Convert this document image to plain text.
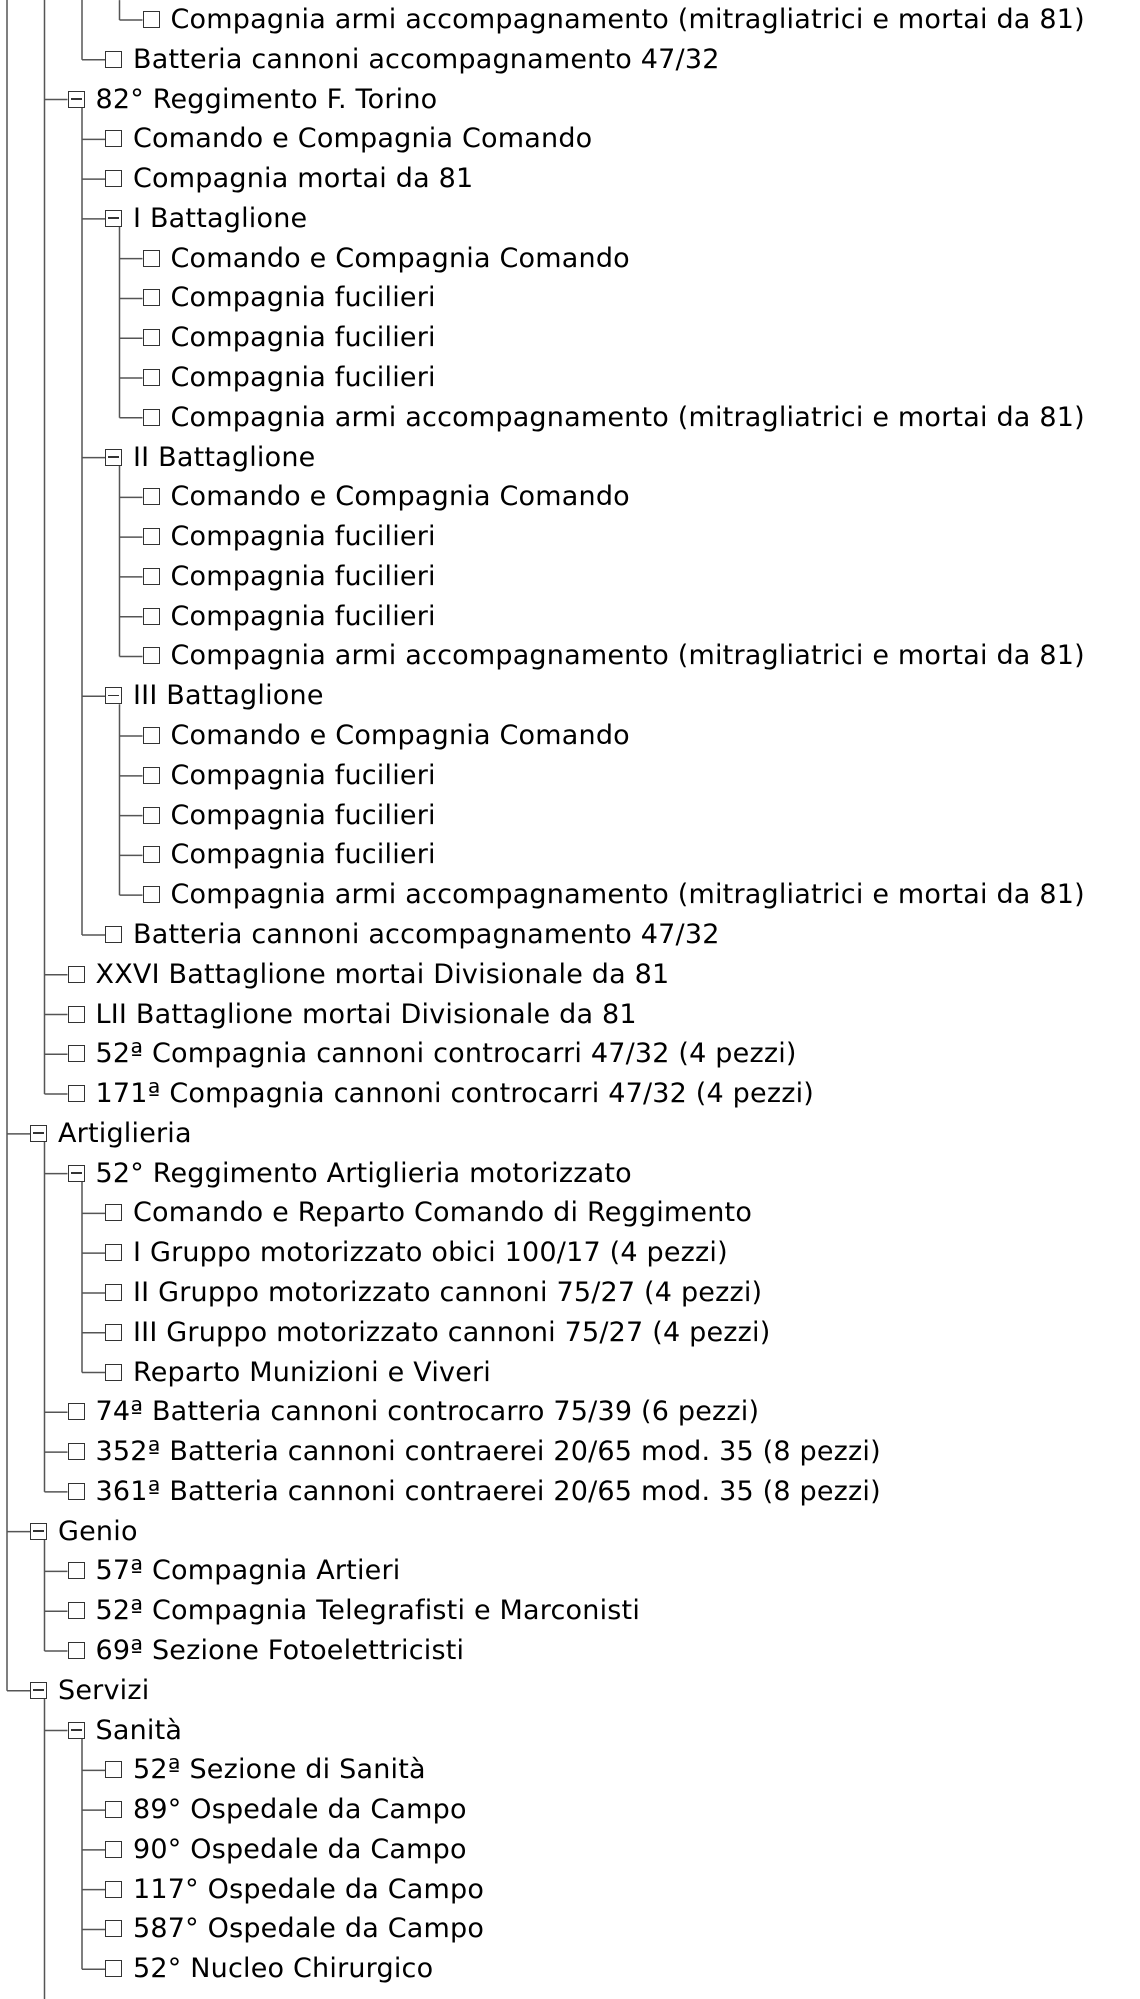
Compagnia armi accompagnamento (mitragliatrici e mortai da 81)
Batteria cannoni accompagnamento 47/32
82° Reggimento F. Torino
Comando e Compagnia Comando
Compagnia mortai da 81
I Battaglione
Comando e Compagnia Comando
Compagnia fucilieri
Compagnia fucilieri
Compagnia fucilieri
Compagnia armi accompagnamento (mitragliatrici e mortai da 81)
II Battaglione
Comando e Compagnia Comando
Compagnia fucilieri
Compagnia fucilieri
Compagnia fucilieri
Compagnia armi accompagnamento (mitragliatrici e mortai da 81)
III Battaglione
Comando e Compagnia Comando
Compagnia fucilieri
Compagnia fucilieri
Compagnia fucilieri
Compagnia armi accompagnamento (mitragliatrici e mortai da 81)
Batteria cannoni accompagnamento 47/32
XXVI Battaglione mortai Divisionale da 81
LII Battaglione mortai Divisionale da 81
52ª Compagnia cannoni controcarri 47/32 (4 pezzi)
171ª Compagnia cannoni controcarri 47/32 (4 pezzi)
Artiglieria
52° Reggimento Artiglieria motorizzato
Comando e Reparto Comando di Reggimento
I Gruppo motorizzato obici 100/17 (4 pezzi)
II Gruppo motorizzato cannoni 75/27 (4 pezzi)
III Gruppo motorizzato cannoni 75/27 (4 pezzi)
Reparto Munizioni e Viveri
74ª Batteria cannoni controcarro 75/39 (6 pezzi)
352ª Batteria cannoni contraerei 20/65 mod. 35 (8 pezzi)
361ª Batteria cannoni contraerei 20/65 mod. 35 (8 pezzi)
Genio
57ª Compagnia Artieri
52ª Compagnia Telegrafisti e Marconisti
69ª Sezione Fotoelettricisti
Servizi
Sanità
52ª Sezione di Sanità
89° Ospedale da Campo
90° Ospedale da Campo
117° Ospedale da Campo
587° Ospedale da Campo
52° Nucleo Chirurgico
